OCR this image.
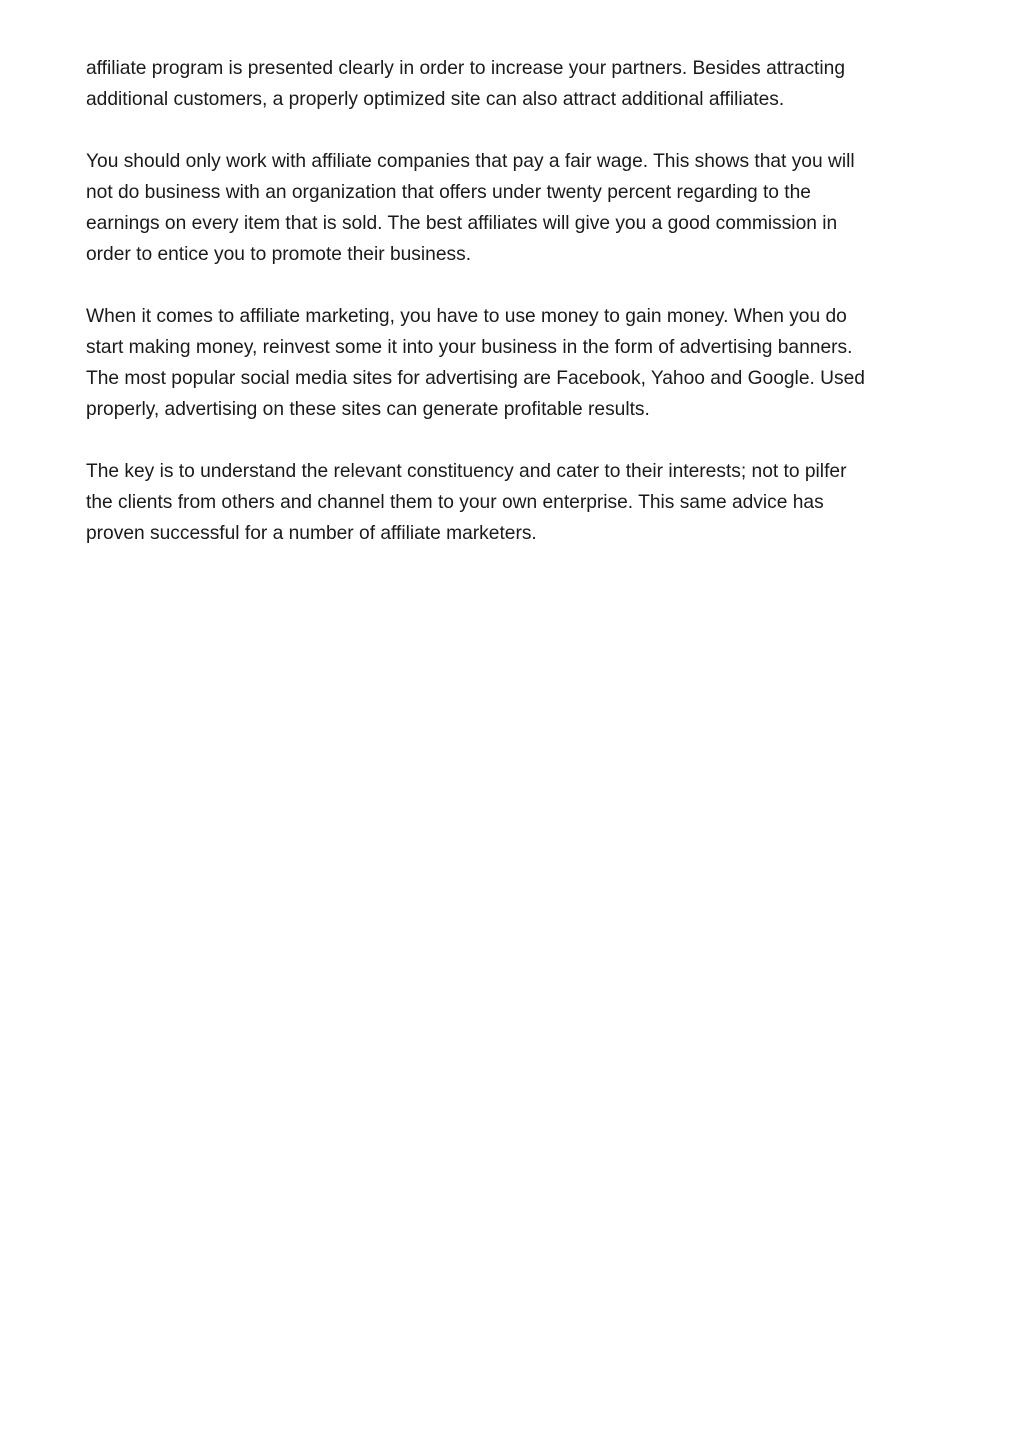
affiliate program is presented clearly in order to increase your partners. Besides attracting
additional customers, a properly optimized site can also attract additional affiliates.
You should only work with affiliate companies that pay a fair wage. This shows that you will
not do business with an organization that offers under twenty percent regarding to the
earnings on every item that is sold. The best affiliates will give you a good commission in
order to entice you to promote their business.
When it comes to affiliate marketing, you have to use money to gain money. When you do
start making money, reinvest some it into your business in the form of advertising banners.
The most popular social media sites for advertising are Facebook, Yahoo and Google. Used
properly, advertising on these sites can generate profitable results.
The key is to understand the relevant constituency and cater to their interests; not to pilfer
the clients from others and channel them to your own enterprise. This same advice has
proven successful for a number of affiliate marketers.
